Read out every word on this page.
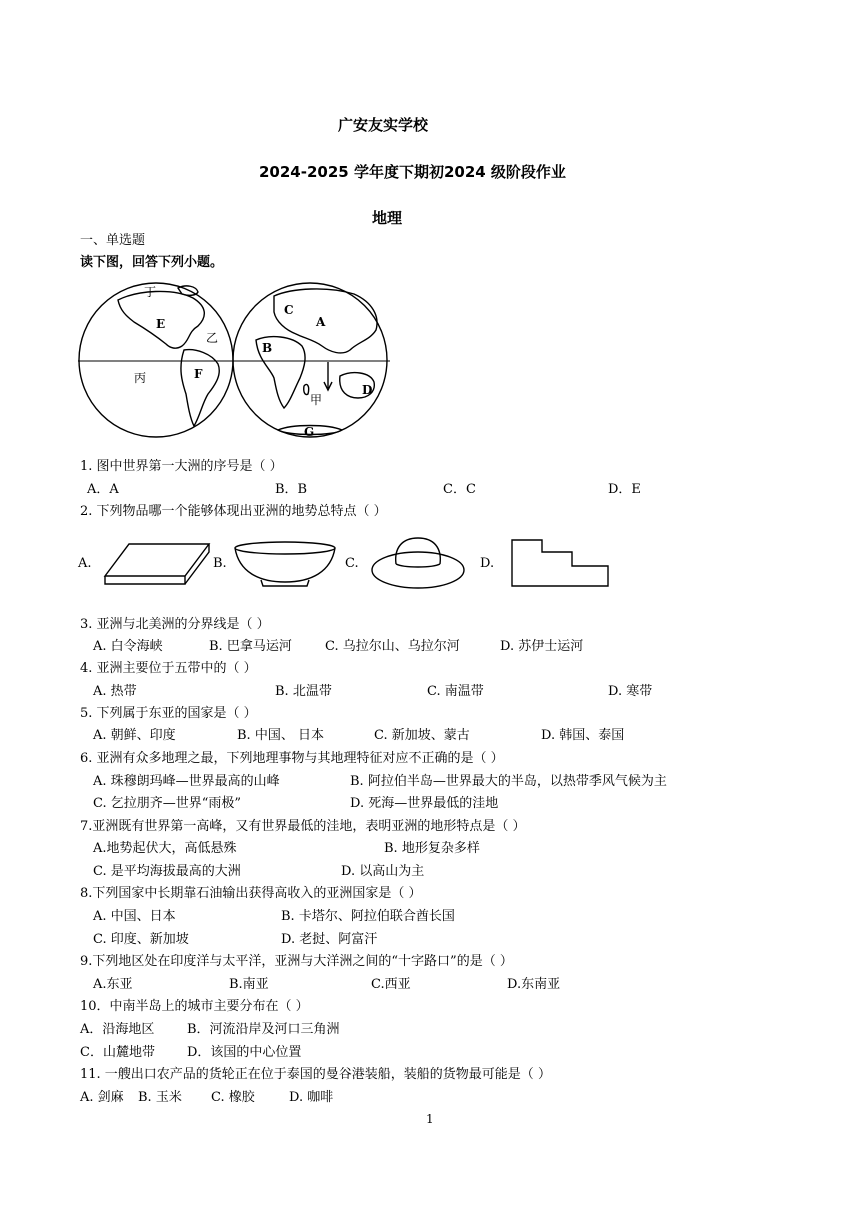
广安友实学校
2024-2025 学年度下期初2024 级阶段作业
地理
一、单选题
读下图，回答下列小题。
丁
E
乙
F
丙
C
A
B
D
甲
G
1. 图中世界第一大洲的序号是（ ）
A．A	B．B	C．C	D．E
2. 下列物品哪一个能够体现出亚洲的地势总特点（ ）
A.	B.	C.	D.
3. 亚洲与北美洲的分界线是（ ）
A. 白令海峡	B. 巴拿马运河	C. 乌拉尔山、乌拉尔河	D. 苏伊士运河
4. 亚洲主要位于五带中的（ ）
A. 热带	B. 北温带	C. 南温带	D. 寒带
5. 下列属于东亚的国家是（ ）
A. 朝鲜、印度	B. 中国、 日本	C. 新加坡、蒙古	D. 韩国、泰国
6. 亚洲有众多地理之最，下列地理事物与其地理特征对应不正确的是（ ）
A. 珠穆朗玛峰—世界最高的山峰	B. 阿拉伯半岛—世界最大的半岛，以热带季风气候为主
C. 乞拉朋齐—世界“雨极”	D. 死海—世界最低的洼地
7.亚洲既有世界第一高峰，又有世界最低的洼地，表明亚洲的地形特点是（ ）
A.地势起伏大，高低悬殊	B. 地形复杂多样
C. 是平均海拔最高的大洲	D. 以高山为主
8.下列国家中长期靠石油输出获得高收入的亚洲国家是（ ）
A. 中国、日本	B. 卡塔尔、阿拉伯联合酋长国
C. 印度、新加坡	D. 老挝、阿富汗
9.下列地区处在印度洋与太平洋，亚洲与大洋洲之间的“十字路口”的是（ ）
A.东亚	B.南亚	C.西亚	D.东南亚
10．中南半岛上的城市主要分布在（ ）
A．沿海地区	B．河流沿岸及河口三角洲
C．山麓地带 D．该国的中心位置
11. 一艘出口农产品的货轮正在位于泰国的曼谷港装船，装船的货物最可能是（ ）
A. 剑麻 B. 玉米 C. 橡胶	D. 咖啡
1
